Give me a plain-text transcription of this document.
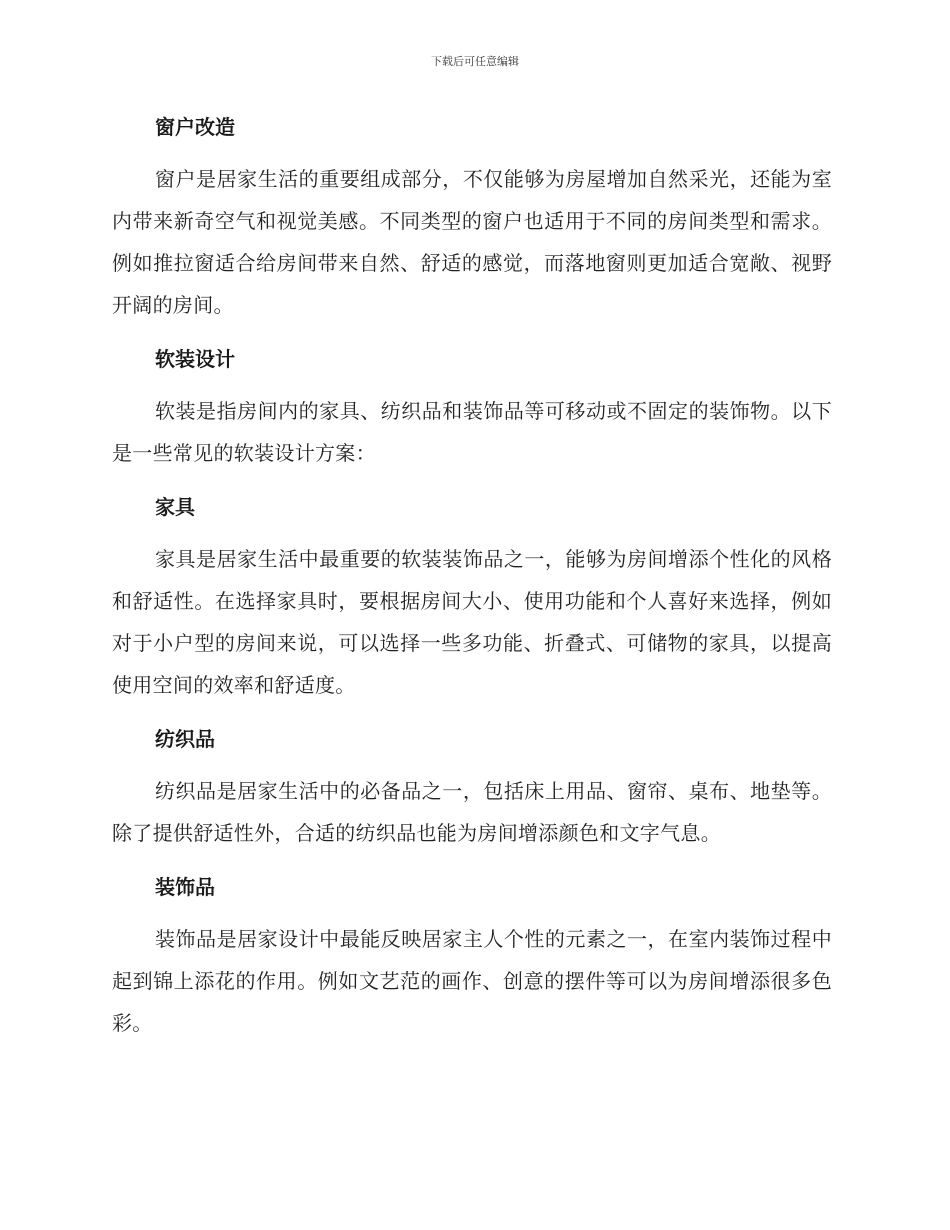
下载后可任意编辑
窗户改造

窗户是居家生活的重要组成部分，不仅能够为房屋增加自然采光，还能为室内带来新奇空气和视觉美感。不同类型的窗户也适用于不同的房间类型和需求。例如推拉窗适合给房间带来自然、舒适的感觉，而落地窗则更加适合宽敞、视野开阔的房间。

软装设计

软装是指房间内的家具、纺织品和装饰品等可移动或不固定的装饰物。以下是一些常见的软装设计方案：

家具

家具是居家生活中最重要的软装装饰品之一，能够为房间增添个性化的风格和舒适性。在选择家具时，要根据房间大小、使用功能和个人喜好来选择，例如对于小户型的房间来说，可以选择一些多功能、折叠式、可储物的家具，以提高使用空间的效率和舒适度。

纺织品

纺织品是居家生活中的必备品之一，包括床上用品、窗帘、桌布、地垫等。除了提供舒适性外，合适的纺织品也能为房间增添颜色和文字气息。

装饰品

装饰品是居家设计中最能反映居家主人个性的元素之一，在室内装饰过程中起到锦上添花的作用。例如文艺范的画作、创意的摆件等可以为房间增添很多色彩。
